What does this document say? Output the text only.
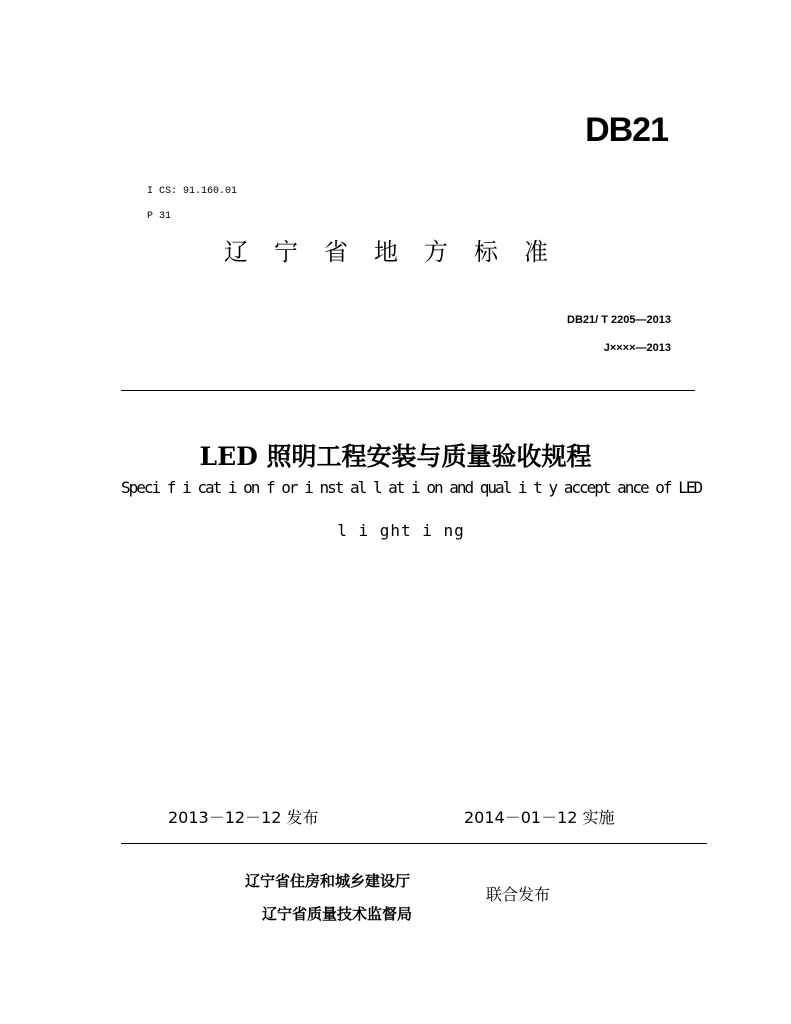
DB21
I CS: 91.160.01
P 31
辽宁省地方标准
DB21/ T 2205—2013
J××××—2013
LED 照明工程安装与质量验收规程
Speci f i cat i on f or i nst al l at i on and qual i t y accept ance of LED
l i ght i ng
2013－12－12 发布	2014－01－12 实施
辽宁省住房和城乡建设厅
辽宁省质量技术监督局
联合发布
